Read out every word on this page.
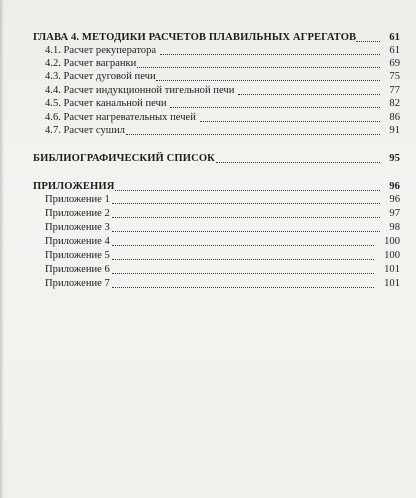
ГЛАВА 4. МЕТОДИКИ РАСЧЕТОВ ПЛАВИЛЬНЫХ АГРЕГАТОВ	61
4.1. Расчет рекуператора	61
4.2. Расчет вагранки	69
4.3. Расчет дуговой печи	75
4.4. Расчет индукционной тигельной печи	77
4.5. Расчет канальной печи	82
4.6. Расчет нагревательных печей	86
4.7. Расчет сушил	91
БИБЛИОГРАФИЧЕСКИЙ СПИСОК	95
ПРИЛОЖЕНИЯ	96
Приложение 1	96
Приложение 2	97
Приложение 3	98
Приложение 4	100
Приложение 5	100
Приложение 6	101
Приложение 7	101
